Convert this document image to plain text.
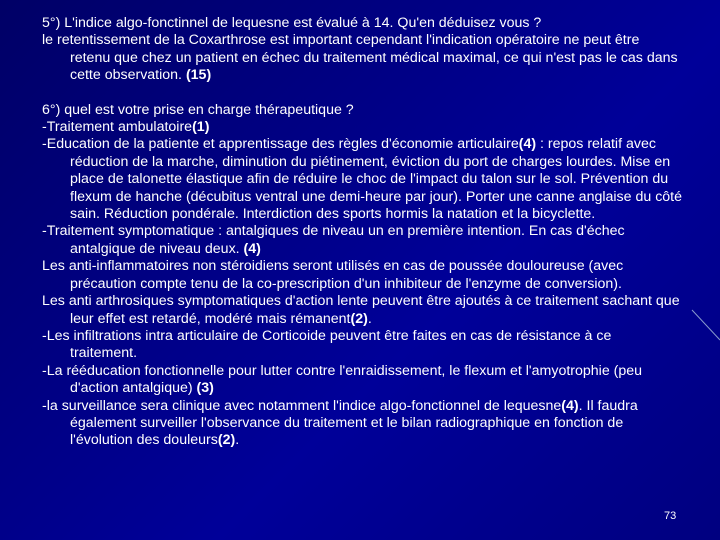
5°) L'indice algo-fonctinnel de lequesne est évalué à 14. Qu'en déduisez vous ?

le retentissement de la Coxarthrose est important cependant l'indication opératoire ne peut être retenu que chez un patient en échec du traitement médical maximal, ce qui n'est pas le cas dans cette observation. (15)

6°) quel est votre prise en charge thérapeutique ?

-Traitement ambulatoire(1)

-Education de la patiente et apprentissage des règles d'économie articulaire(4) : repos relatif avec réduction de la marche, diminution du piétinement, éviction du port de charges lourdes. Mise en place de talonette élastique afin de réduire le choc de l'impact du talon sur le sol. Prévention du flexum de hanche (décubitus ventral une demi-heure par jour). Porter une canne anglaise du côté sain. Réduction pondérale. Interdiction des sports hormis la natation et la bicyclette.

-Traitement symptomatique : antalgiques de niveau un en première intention. En cas d'échec antalgique de niveau deux. (4)

Les anti-inflammatoires non stéroidiens seront utilisés en cas de poussée douloureuse (avec précaution compte tenu de la co-prescription d'un inhibiteur de l'enzyme de conversion).

Les anti arthrosiques symptomatiques d'action lente peuvent être ajoutés à ce traitement sachant que leur effet est retardé, modéré mais rémanent(2).

-Les infiltrations intra articulaire de Corticoide peuvent être faites en cas de résistance à ce traitement.

-La rééducation fonctionnelle pour lutter contre l'enraidissement, le flexum et l'amyotrophie (peu d'action antalgique) (3)

-la surveillance sera clinique avec notamment l'indice algo-fonctionnel de lequesne(4). Il faudra également surveiller l'observance du traitement et le bilan radiographique en fonction de l'évolution des douleurs(2).

73
